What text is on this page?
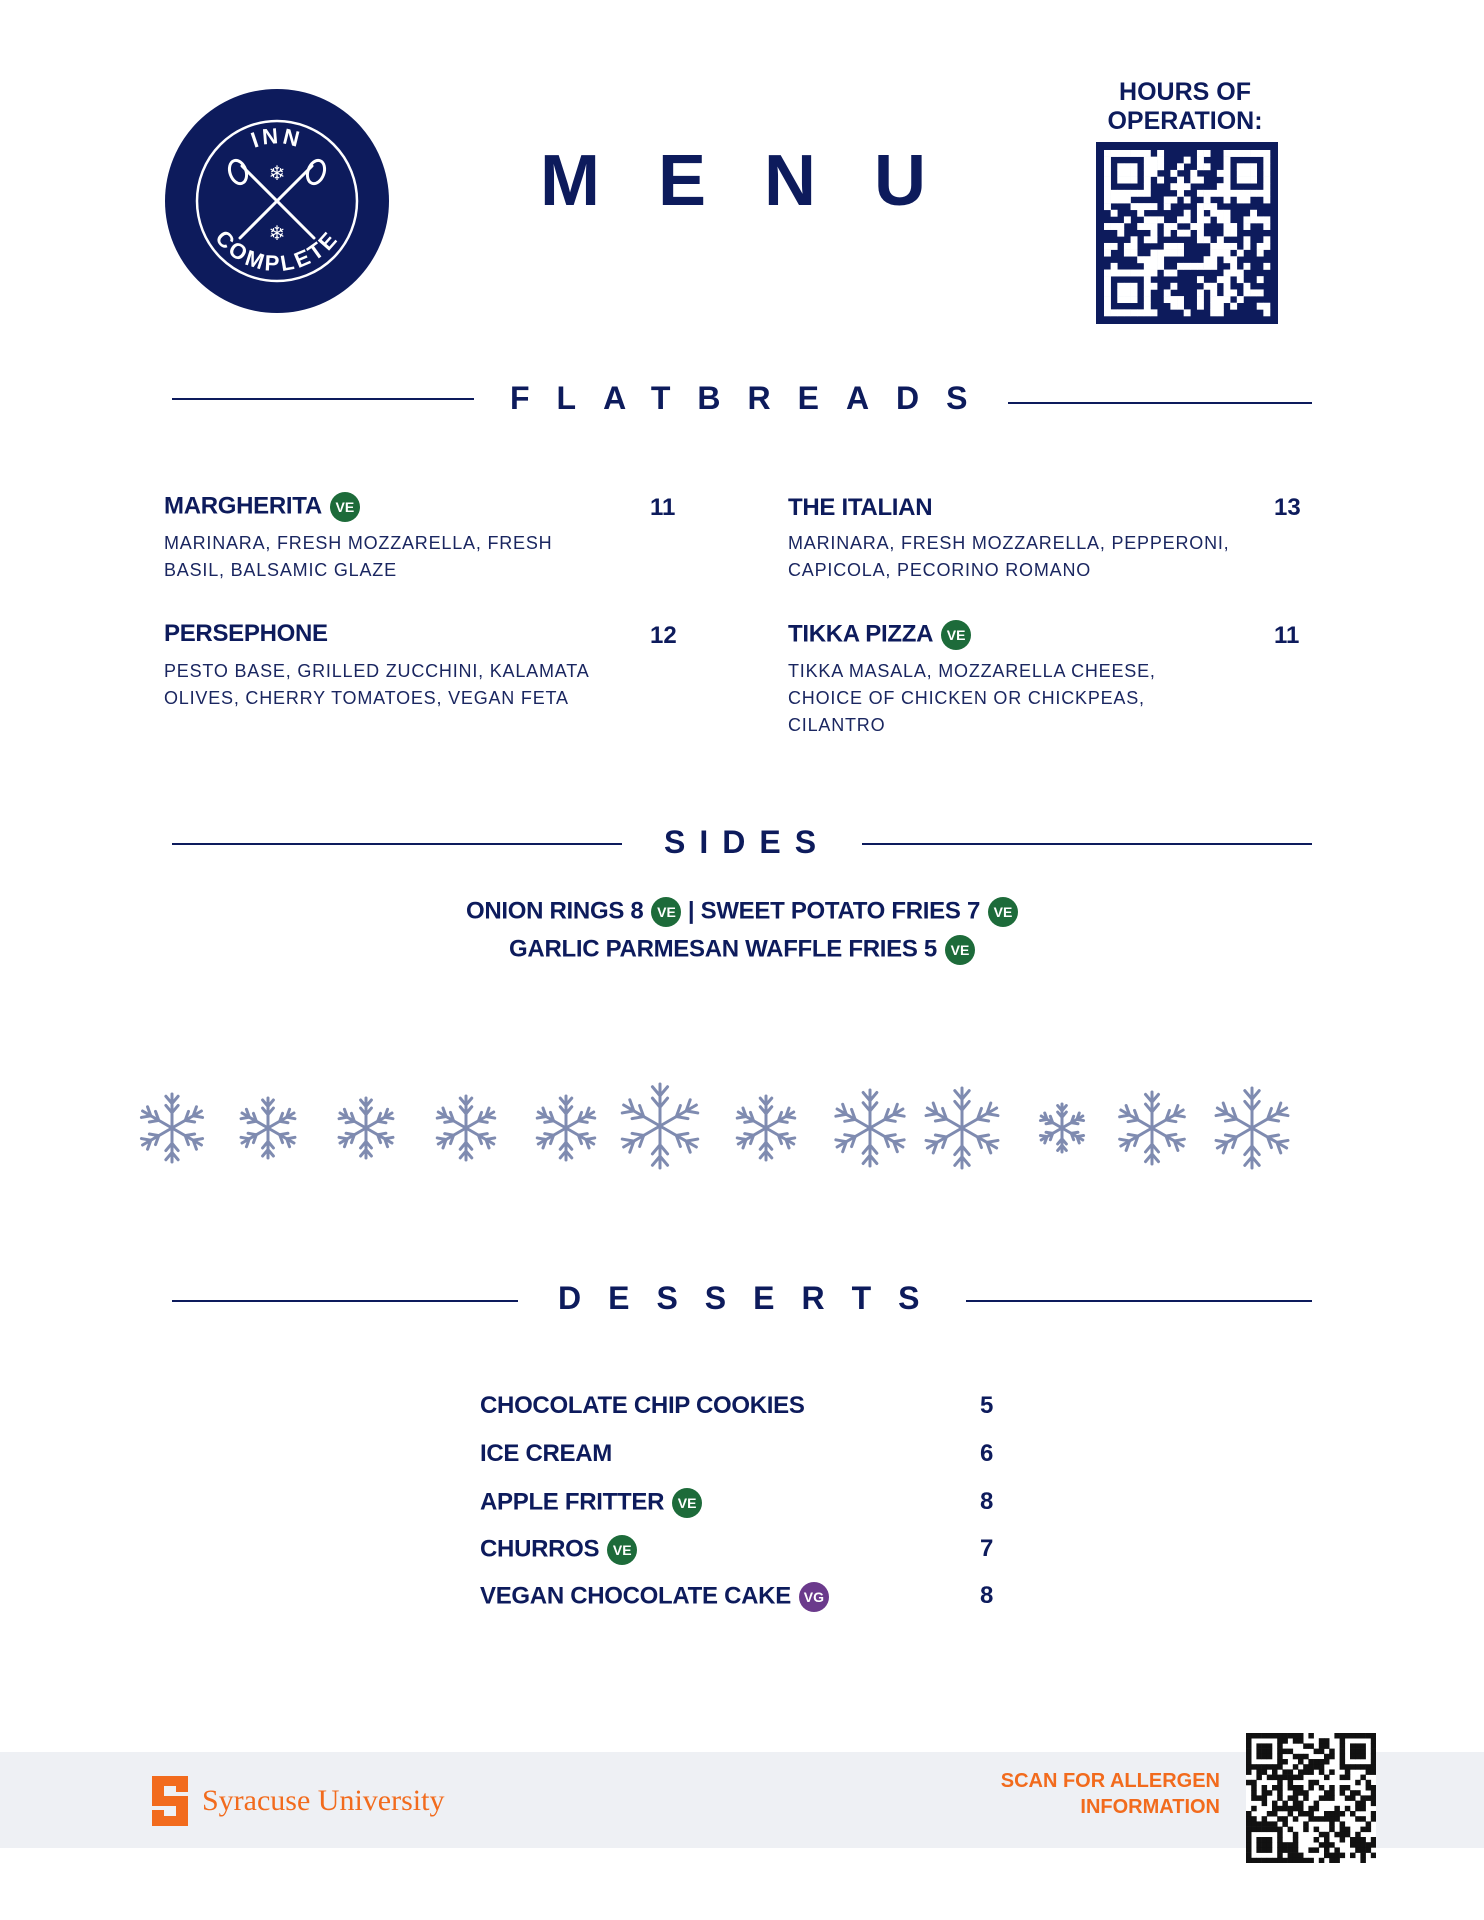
INN
COMPLETE
❄
❄
MENU
HOURS OF OPERATION:
FLATBREADS
MARGHERITA VE	11
MARINARA, FRESH MOZZARELLA, FRESH
BASIL, BALSAMIC GLAZE
THE ITALIAN	13
MARINARA, FRESH MOZZARELLA, PEPPERONI,
CAPICOLA, PECORINO ROMANO
PERSEPHONE	12
PESTO BASE, GRILLED ZUCCHINI, KALAMATA
OLIVES, CHERRY TOMATOES, VEGAN FETA
TIKKA PIZZA VE	11
TIKKA MASALA, MOZZARELLA CHEESE,
CHOICE OF CHICKEN OR CHICKPEAS,
CILANTRO
SIDES
ONION RINGS 8 VE | SWEET POTATO FRIES 7 VE
GARLIC PARMESAN WAFFLE FRIES 5 VE
DESSERTS
CHOCOLATE CHIP COOKIES	5
ICE CREAM	6
APPLE FRITTER VE	8
CHURROS VE	7
VEGAN CHOCOLATE CAKE VG	8
Syracuse University
SCAN FOR ALLERGEN
INFORMATION
